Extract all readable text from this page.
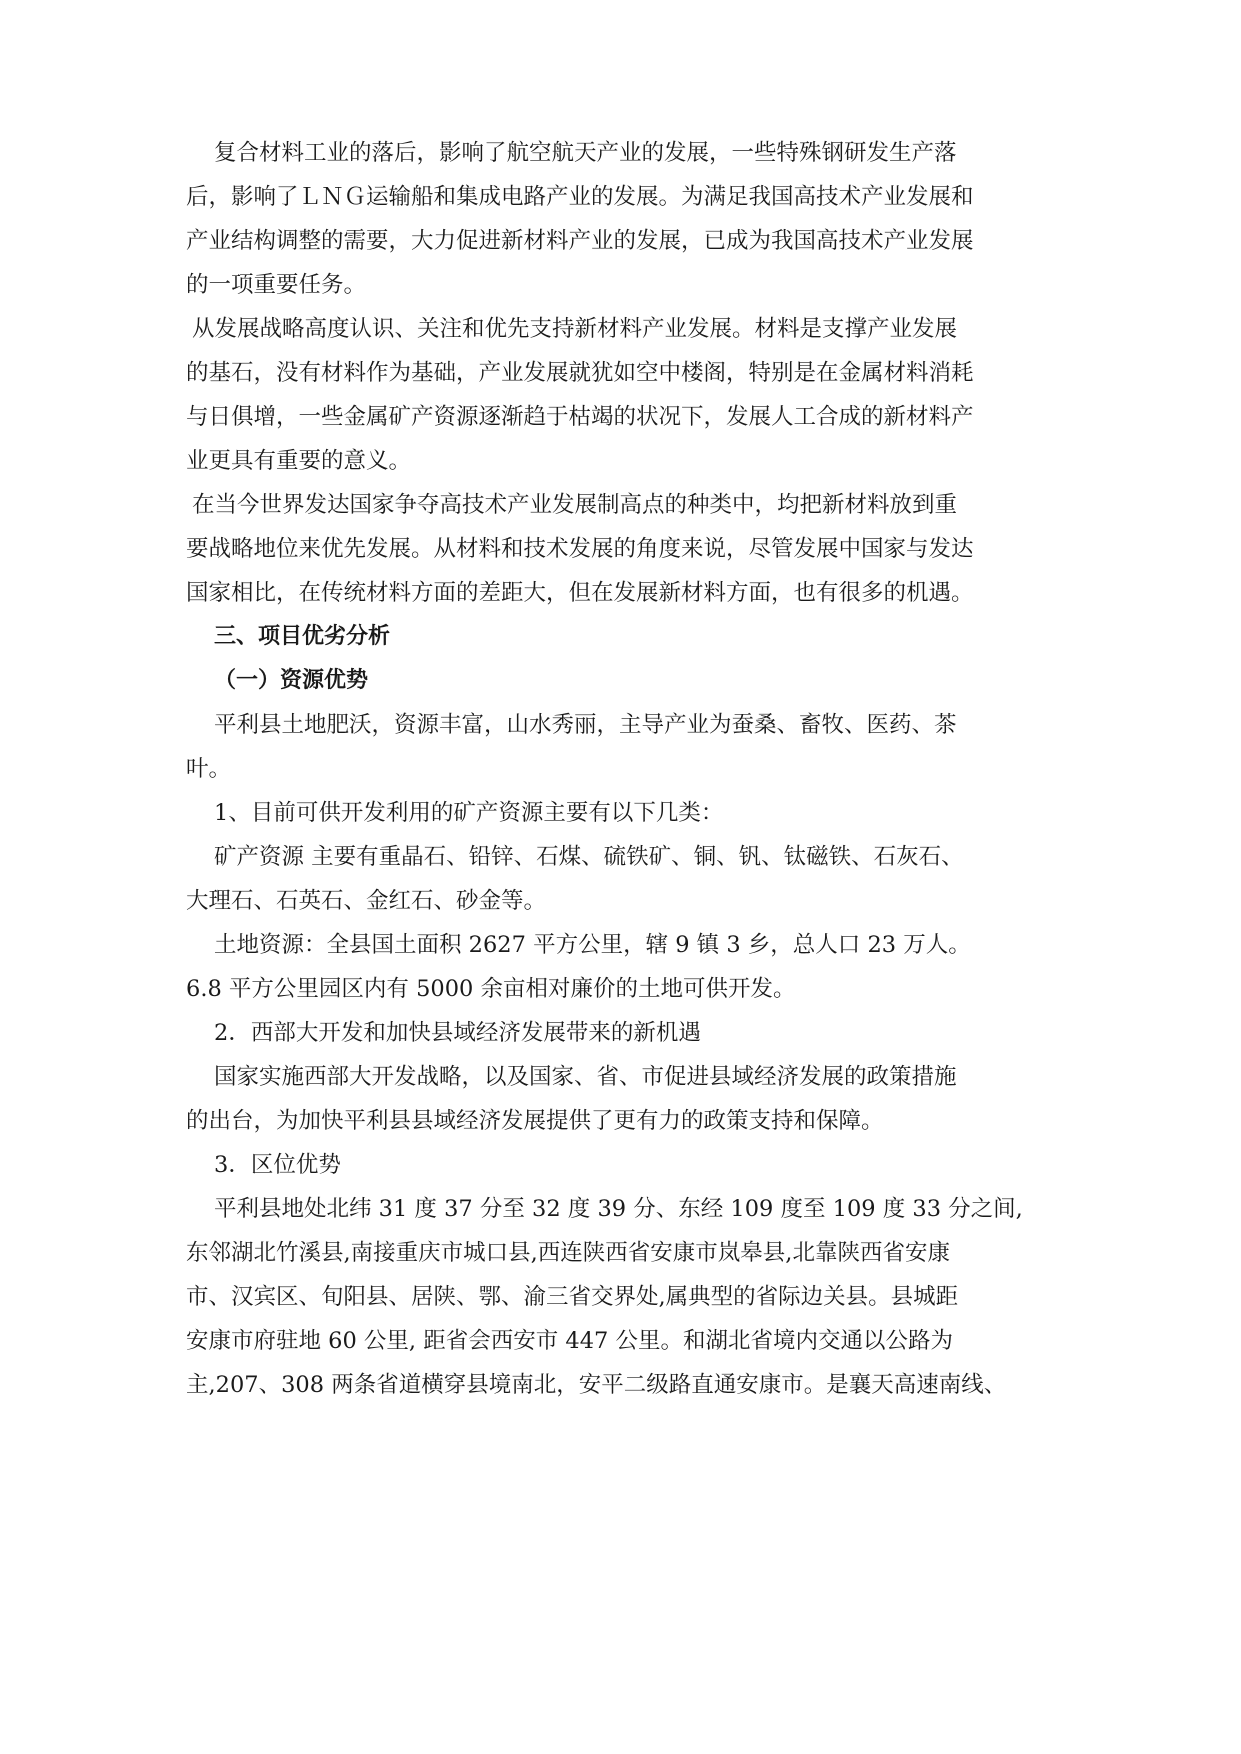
复合材料工业的落后，影响了航空航天产业的发展，一些特殊钢研发生产落
后，影响了ＬＮＧ运输船和集成电路产业的发展。为满足我国高技术产业发展和
产业结构调整的需要，大力促进新材料产业的发展，已成为我国高技术产业发展
的一项重要任务。
从发展战略高度认识、关注和优先支持新材料产业发展。材料是支撑产业发展
的基石，没有材料作为基础，产业发展就犹如空中楼阁，特别是在金属材料消耗
与日俱增，一些金属矿产资源逐渐趋于枯竭的状况下，发展人工合成的新材料产
业更具有重要的意义。
在当今世界发达国家争夺高技术产业发展制高点的种类中，均把新材料放到重
要战略地位来优先发展。从材料和技术发展的角度来说，尽管发展中国家与发达
国家相比，在传统材料方面的差距大，但在发展新材料方面，也有很多的机遇。
三、项目优劣分析
（一）资源优势
平利县土地肥沃，资源丰富，山水秀丽，主导产业为蚕桑、畜牧、医药、茶
叶。
1、目前可供开发利用的矿产资源主要有以下几类：
矿产资源 主要有重晶石、铅锌、石煤、硫铁矿、铜、钒、钛磁铁、石灰石、
大理石、石英石、金红石、砂金等。
土地资源：全县国土面积 2627 平方公里，辖 9 镇 3 乡，总人口 23 万人。
6.8 平方公里园区内有 5000 余亩相对廉价的土地可供开发。
2．西部大开发和加快县域经济发展带来的新机遇
国家实施西部大开发战略，以及国家、省、市促进县域经济发展的政策措施
的出台，为加快平利县县域经济发展提供了更有力的政策支持和保障。
3．区位优势
平利县地处北纬 31 度 37 分至 32 度 39 分、东经 109 度至 109 度 33 分之间,
东邻湖北竹溪县,南接重庆市城口县,西连陕西省安康市岚皋县,北靠陕西省安康
市、汉宾区、旬阳县、居陕、鄂、渝三省交界处,属典型的省际边关县。县城距
安康市府驻地 60 公里, 距省会西安市 447 公里。和湖北省境内交通以公路为
主,207、308 两条省道横穿县境南北，安平二级路直通安康市。是襄天高速南线、
